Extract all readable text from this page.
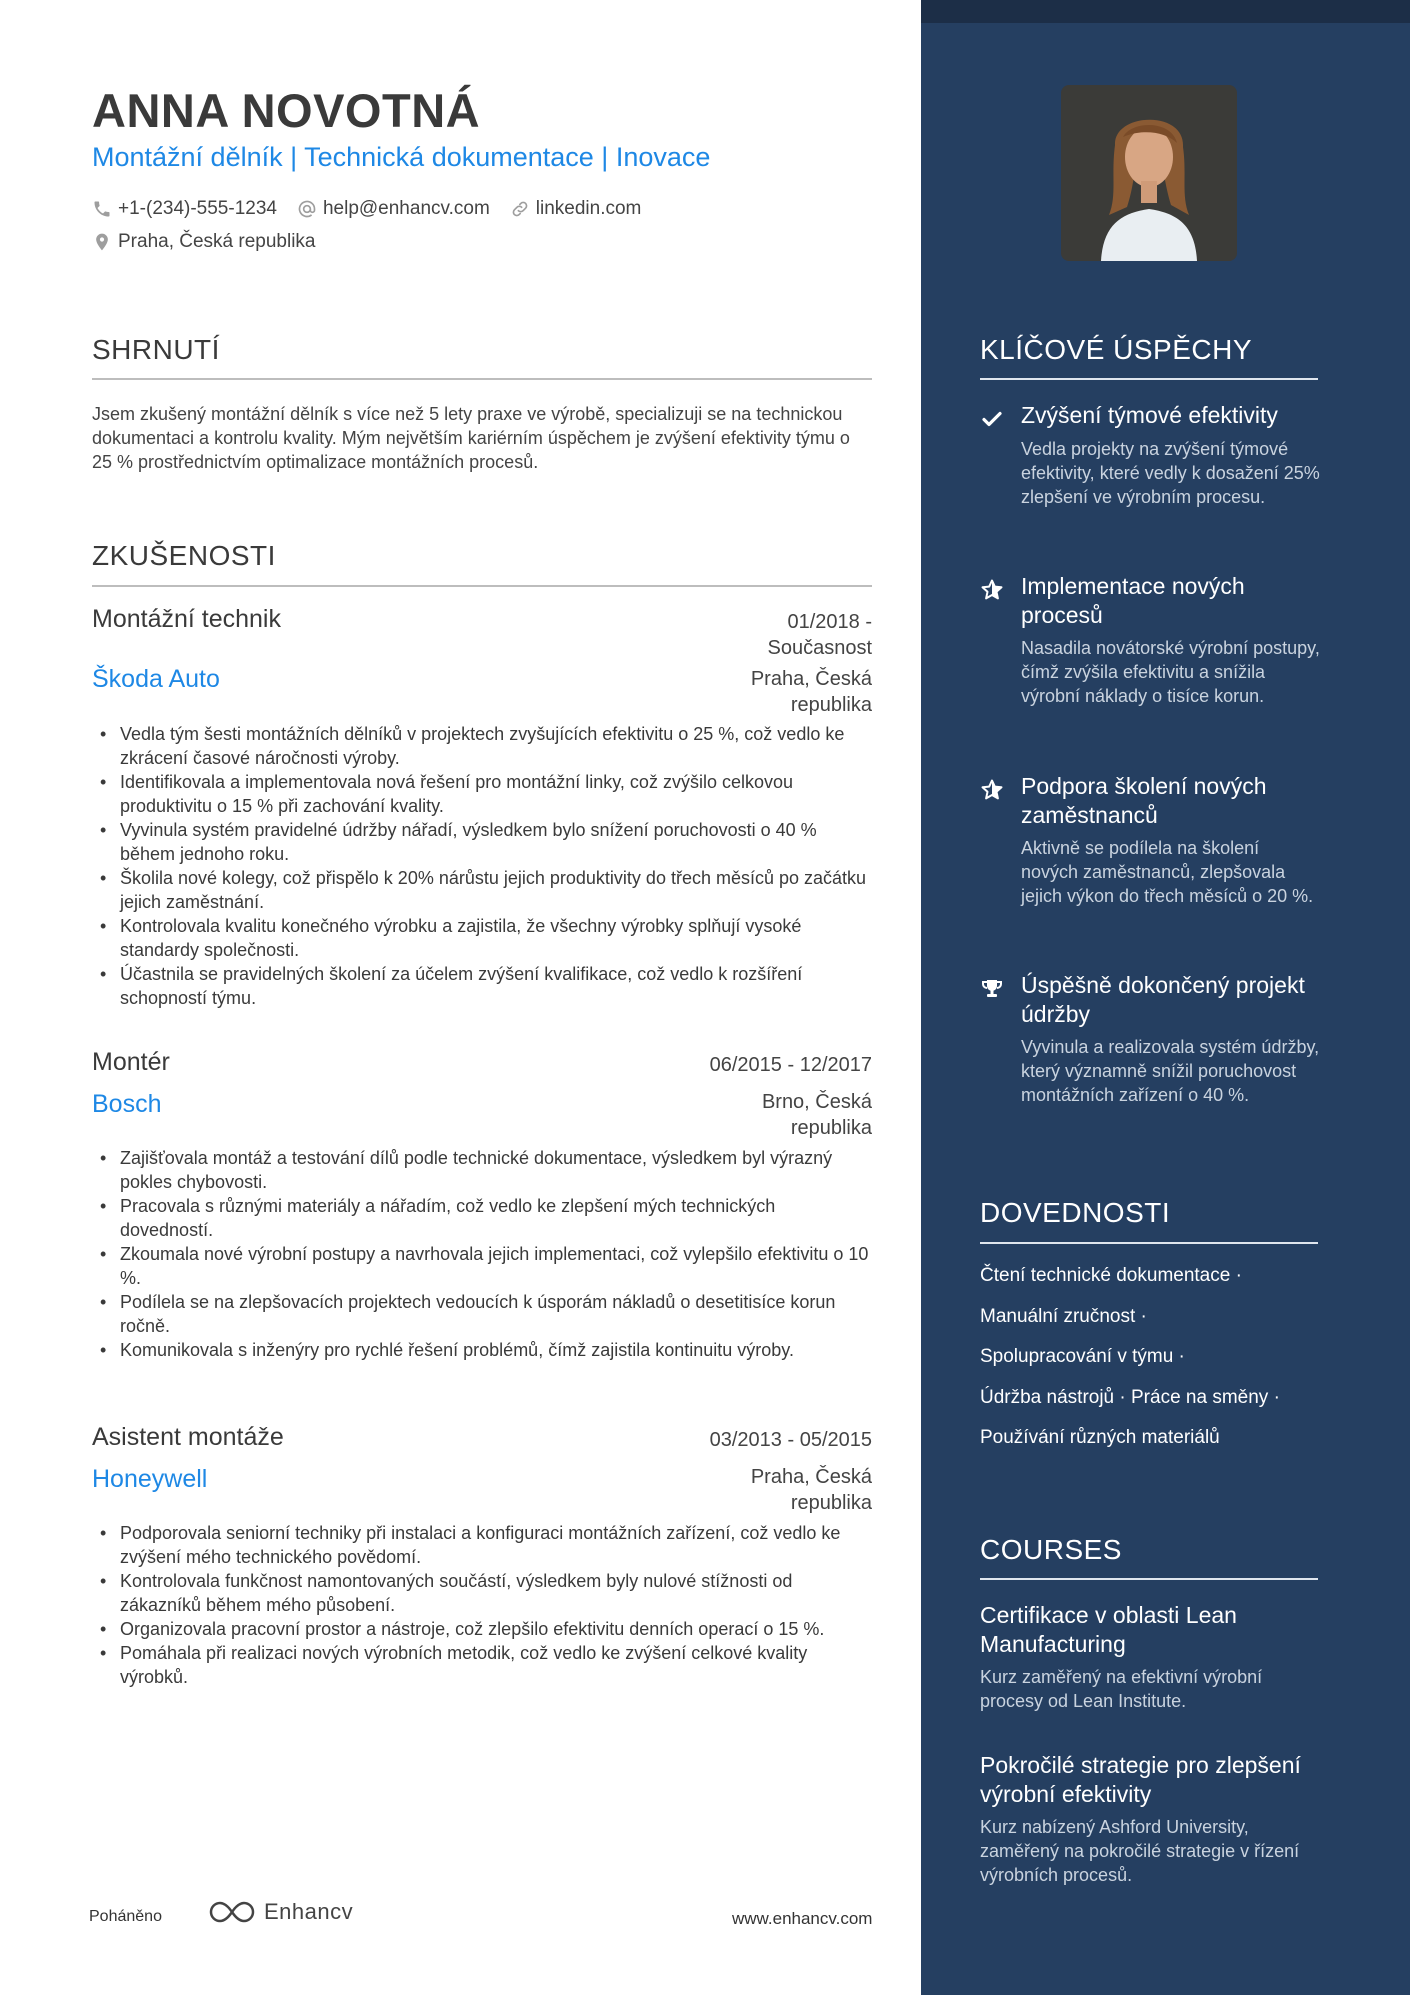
ANNA NOVOTNÁ
Montážní dělník | Technická dokumentace | Inovace
+1-(234)-555-1234 help@enhancv.com linkedin.com
Praha, Česká republika
SHRNUTÍ
Jsem zkušený montážní dělník s více než 5 lety praxe ve výrobě, specializuji se na technickou dokumentaci a kontrolu kvality. Mým největším kariérním úspěchem je zvýšení efektivity týmu o 25 % prostřednictvím optimalizace montážních procesů.
ZKUŠENOSTI
Montážní technik	01/2018 - Současnost
Škoda Auto	Praha, Česká republika
• Vedla tým šesti montážních dělníků v projektech zvyšujících efektivitu o 25 %, což vedlo ke zkrácení časové náročnosti výroby.
• Identifikovala a implementovala nová řešení pro montážní linky, což zvýšilo celkovou produktivitu o 15 % při zachování kvality.
• Vyvinula systém pravidelné údržby nářadí, výsledkem bylo snížení poruchovosti o 40 % během jednoho roku.
• Školila nové kolegy, což přispělo k 20% nárůstu jejich produktivity do třech měsíců po začátku jejich zaměstnání.
• Kontrolovala kvalitu konečného výrobku a zajistila, že všechny výrobky splňují vysoké standardy společnosti.
• Účastnila se pravidelných školení za účelem zvýšení kvalifikace, což vedlo k rozšíření schopností týmu.
Montér	06/2015 - 12/2017
Bosch	Brno, Česká republika
• Zajišťovala montáž a testování dílů podle technické dokumentace, výsledkem byl výrazný pokles chybovosti.
• Pracovala s různými materiály a nářadím, což vedlo ke zlepšení mých technických dovedností.
• Zkoumala nové výrobní postupy a navrhovala jejich implementaci, což vylepšilo efektivitu o 10 %.
• Podílela se na zlepšovacích projektech vedoucích k úsporám nákladů o desetitisíce korun ročně.
• Komunikovala s inženýry pro rychlé řešení problémů, čímž zajistila kontinuitu výroby.
Asistent montáže	03/2013 - 05/2015
Honeywell	Praha, Česká republika
• Podporovala seniorní techniky při instalaci a konfiguraci montážních zařízení, což vedlo ke zvýšení mého technického povědomí.
• Kontrolovala funkčnost namontovaných součástí, výsledkem byly nulové stížnosti od zákazníků během mého působení.
• Organizovala pracovní prostor a nástroje, což zlepšilo efektivitu denních operací o 15 %.
• Pomáhala při realizaci nových výrobních metodik, což vedlo ke zvýšení celkové kvality výrobků.
Poháněno	Enhancv	www.enhancv.com
KLÍČOVÉ ÚSPĚCHY
Zvýšení týmové efektivity
Vedla projekty na zvýšení týmové efektivity, které vedly k dosažení 25% zlepšení ve výrobním procesu.
Implementace nových procesů
Nasadila novátorské výrobní postupy, čímž zvýšila efektivitu a snížila výrobní náklady o tisíce korun.
Podpora školení nových zaměstnanců
Aktivně se podílela na školení nových zaměstnanců, zlepšovala jejich výkon do třech měsíců o 20 %.
Úspěšně dokončený projekt údržby
Vyvinula a realizovala systém údržby, který významně snížil poruchovost montážních zařízení o 40 %.
DOVEDNOSTI
Čtení technické dokumentace ·
Manuální zručnost ·
Spolupracování v týmu ·
Údržba nástrojů · Práce na směny ·
Používání různých materiálů
COURSES
Certifikace v oblasti Lean Manufacturing
Kurz zaměřený na efektivní výrobní procesy od Lean Institute.
Pokročilé strategie pro zlepšení výrobní efektivity
Kurz nabízený Ashford University, zaměřený na pokročilé strategie v řízení výrobních procesů.
